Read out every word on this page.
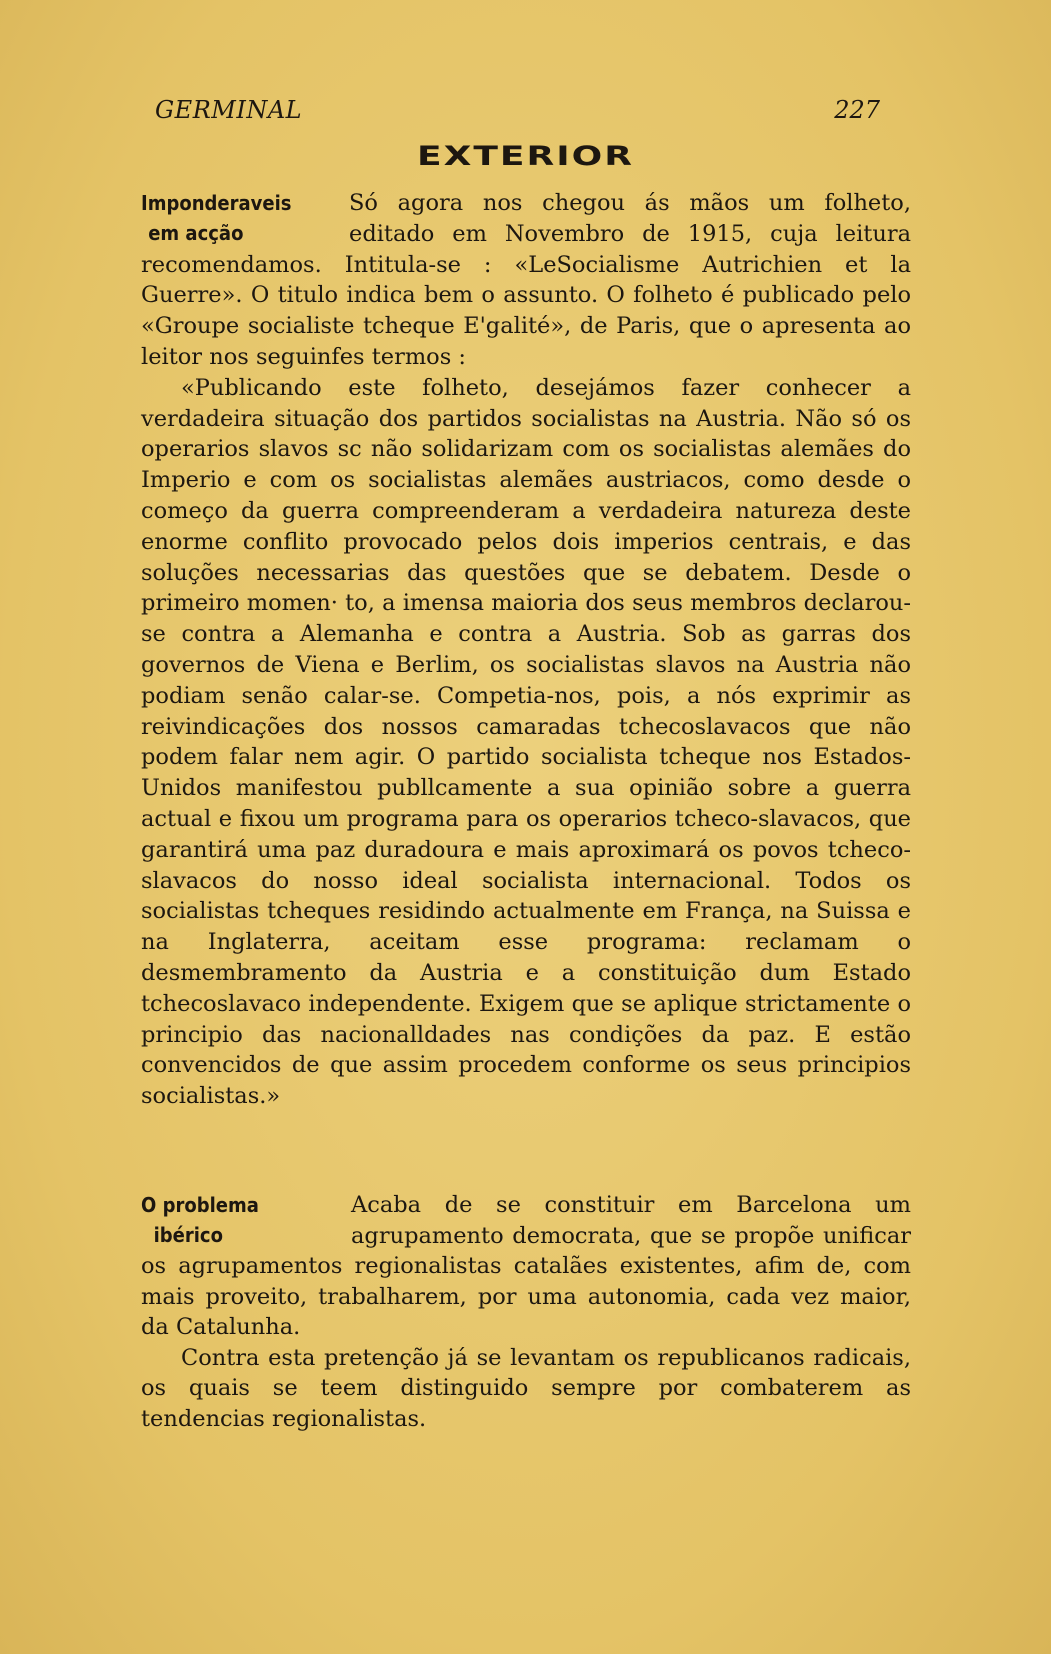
GERMINAL	227
EXTERIOR
Imponderaveis
em acção

Só agora nos chegou ás mãos um folheto, editado em Novembro de 1915, cuja leitura recomendamos. Intitula-se : «LeSocialisme Autrichien et la Guerre». O titulo indica bem o assunto. O folheto é publicado pelo «Groupe socialiste tcheque E'galité», de Paris, que o apresenta ao leitor nos seguinfes termos :

«Publicando este folheto, desejámos fazer conhecer a verdadeira situação dos partidos socialistas na Austria. Não só os operarios slavos sc não solidarizam com os socialistas alemães do Imperio e com os socialistas alemães austriacos, como desde o começo da guerra compreenderam a verdadeira natureza deste enorme conflito provocado pelos dois imperios centrais, e das soluções necessarias das questões que se debatem. Desde o primeiro momen· to, a imensa maioria dos seus membros declarou-se contra a Alemanha e contra a Austria. Sob as garras dos governos de Viena e Berlim, os socialistas slavos na Austria não podiam senão calar-se. Competia-nos, pois, a nós exprimir as reivindicações dos nossos camaradas tchecoslavacos que não podem falar nem agir. O partido socialista tcheque nos Estados-Unidos manifestou publlcamente a sua opinião sobre a guerra actual e fixou um programa para os operarios tcheco-slavacos, que garantirá uma paz duradoura e mais aproximará os povos tcheco-slavacos do nosso ideal socialista internacional. Todos os socialistas tcheques residindo actualmente em França, na Suissa e na Inglaterra, aceitam esse programa: reclamam o desmembramento da Austria e a constituição dum Estado tchecoslavaco independente. Exigem que se aplique strictamente o principio das nacionalldades nas condições da paz. E estão convencidos de que assim procedem conforme os seus principios socialistas.»

O problema
ibérico

Acaba de se constituir em Barcelona um agrupamento democrata, que se propõe unificar os agrupamentos regionalistas catalães existentes, afim de, com mais proveito, trabalharem, por uma autonomia, cada vez maior, da Catalunha.

Contra esta pretenção já se levantam os republicanos radicais, os quais se teem distinguido sempre por combaterem as tendencias regionalistas.
